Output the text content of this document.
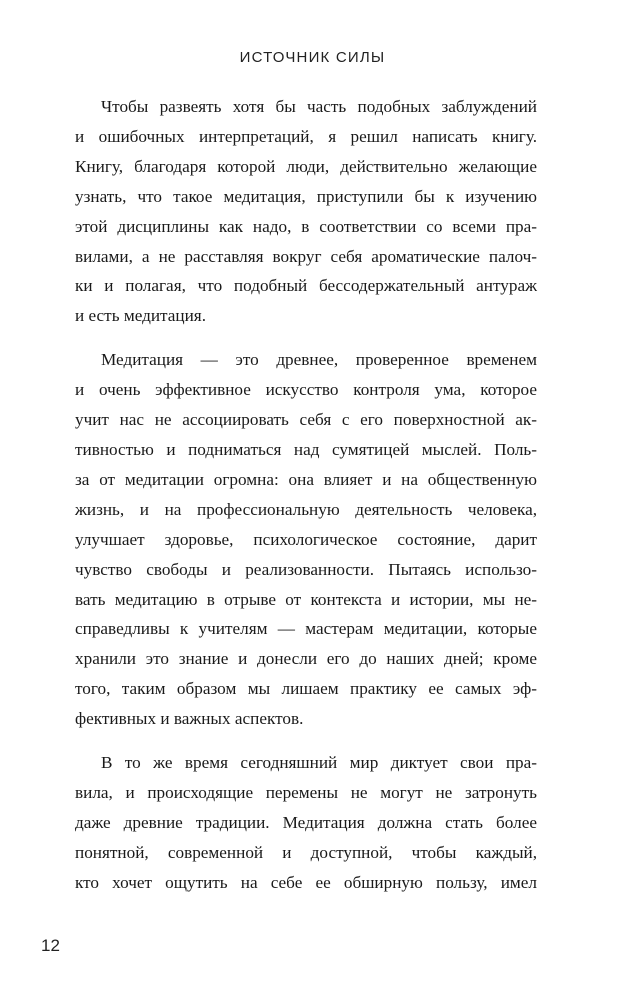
ИСТОЧНИК СИЛЫ

Чтобы развеять хотя бы часть подобных заблуждений
и ошибочных интерпретаций, я решил написать книгу.
Книгу, благодаря которой люди, действительно желающие
узнать, что такое медитация, приступили бы к изучению
этой дисциплины как надо, в соответствии со всеми пра-
вилами, а не расставляя вокруг себя ароматические палоч-
ки и полагая, что подобный бессодержательный антураж
и есть медитация.

Медитация — это древнее, проверенное временем
и очень эффективное искусство контроля ума, которое
учит нас не ассоциировать себя с его поверхностной ак-
тивностью и подниматься над сумятицей мыслей. Поль-
за от медитации огромна: она влияет и на общественную
жизнь, и на профессиональную деятельность человека,
улучшает здоровье, психологическое состояние, дарит
чувство свободы и реализованности. Пытаясь использо-
вать медитацию в отрыве от контекста и истории, мы не-
справедливы к учителям — мастерам медитации, которые
хранили это знание и донесли его до наших дней; кроме
того, таким образом мы лишаем практику ее самых эф-
фективных и важных аспектов.

В то же время сегодняшний мир диктует свои пра-
вила, и происходящие перемены не могут не затронуть
даже древние традиции. Медитация должна стать более
понятной, современной и доступной, чтобы каждый,
кто хочет ощутить на себе ее обширную пользу, имел

12
